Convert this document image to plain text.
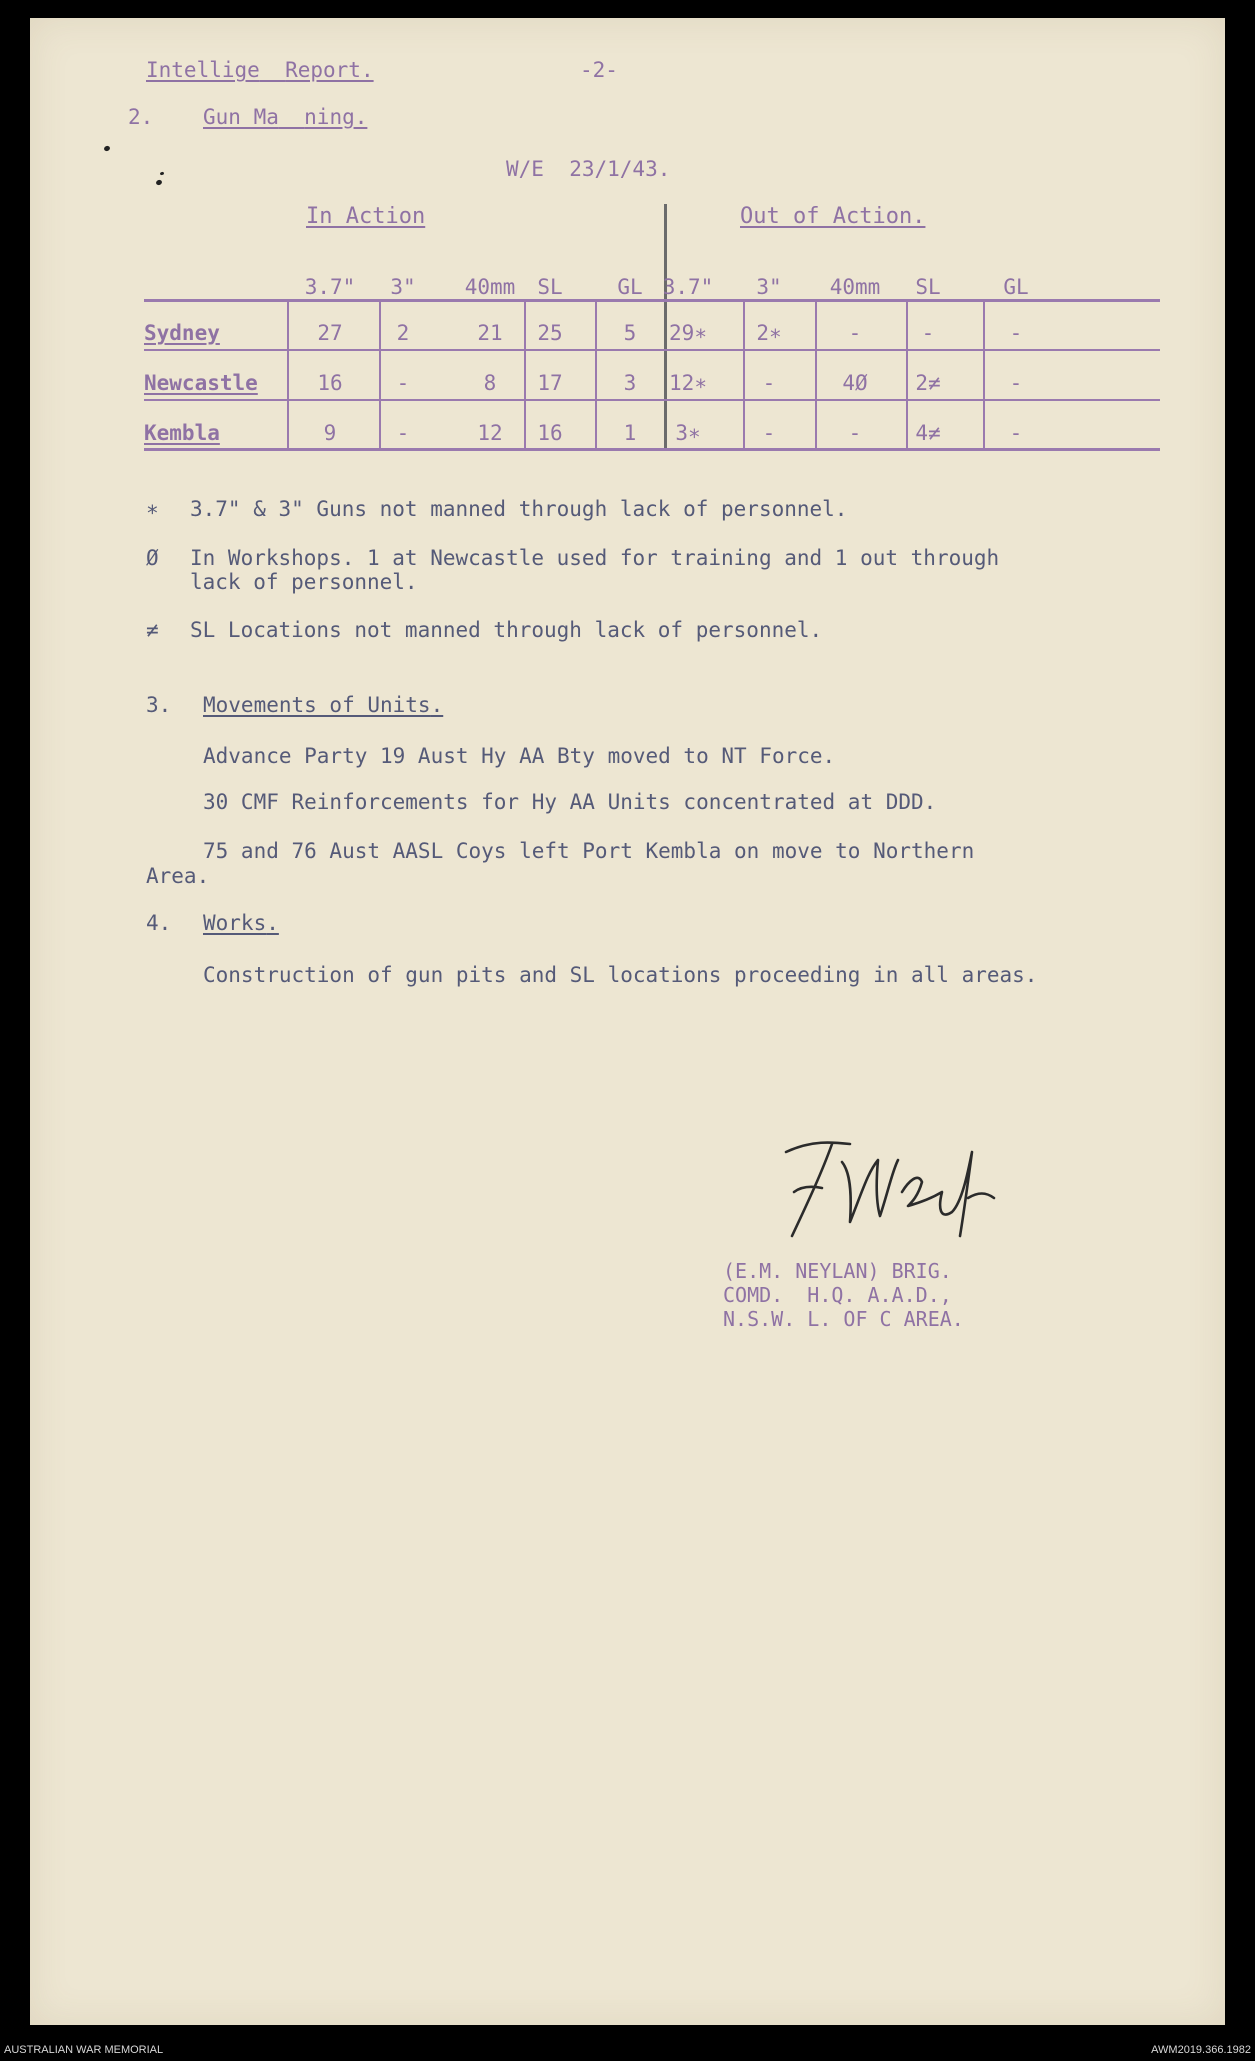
Intellige Report.	-2-
2. Gun Ma ning.
W/E  23/1/43.
In Action	Out of Action.
3.7"	3"	40mm	SL	GL 3.7"	3"	40mm	SL	GL
Sydney	27	2	21	25	5	29∗	2∗	-	-	-
Newcastle	16	-	8	17	3	12∗	-	4Ø	2≠	-
Kembla	9	-	12	16	1	3∗	-	-	4≠	-
∗ 3.7" & 3" Guns not manned through lack of personnel.
Ø In Workshops. 1 at Newcastle used for training and 1 out through
lack of personnel.
≠ SL Locations not manned through lack of personnel.
3. Movements of Units.
Advance Party 19 Aust Hy AA Bty moved to NT Force.
30 CMF Reinforcements for Hy AA Units concentrated at DDD.
75 and 76 Aust AASL Coys left Port Kembla on move to Northern
Area.
4. Works.
Construction of gun pits and SL locations proceeding in all areas.
(E.M. NEYLAN) BRIG.
COMD.  H.Q. A.A.D.,
N.S.W. L. OF C AREA.
AUSTRALIAN WAR MEMORIAL	AWM2019.366.1982
